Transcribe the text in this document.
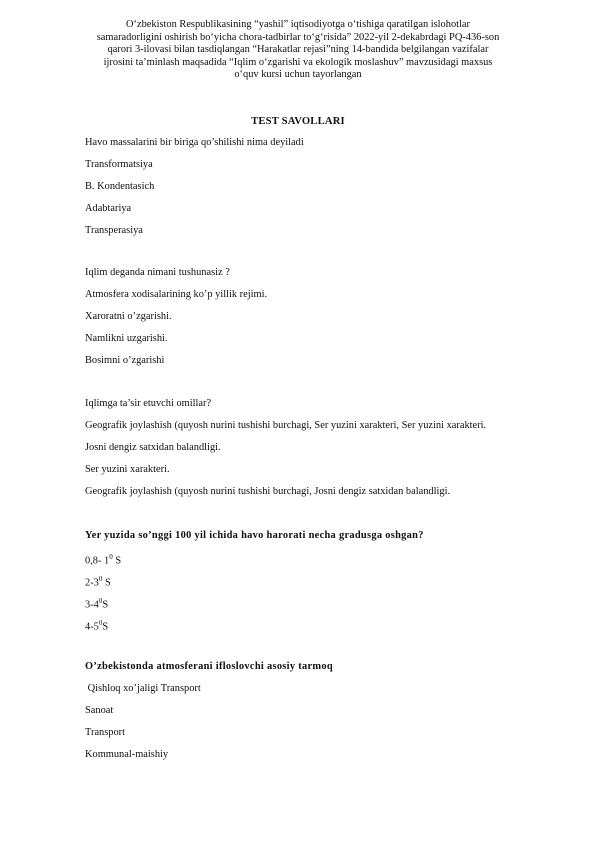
O‘zbekiston Respublikasining “yashil” iqtisodiyotga o‘tishiga qaratilgan islohotlar
samaradorligini oshirish bo‘yicha chora-tadbirlar to‘g‘risida” 2022-yil 2-dekabrdagi PQ-436-son
qarori 3-ilovasi bilan tasdiqlangan “Harakatlar rejasi”ning 14-bandida belgilangan vazifalar
ijrosini ta’minlash maqsadida “Iqlim o‘zgarishi va ekologik moslashuv” mavzusidagi maxsus
o‘quv kursi uchun tayorlangan
TEST SAVOLLARI
Havo massalarini bir biriga qo’shilishi nima deyiladi
Transformatsiya
B. Kondentasich
Adabtariya
Transperasiya
Iqlim deganda nimani tushunasiz ?
Atmosfera xodisalarining ko’p yillik rejimi.
Xaroratni o’zgarishi.
Namlikni uzgarishi.
Bosimni o’zgarishi
Iqlimga ta’sir etuvchi omillar?
Geografik joylashish (quyosh nurini tushishi burchagi, Ser yuzini xarakteri, Ser yuzini xarakteri.
Josni dengiz satxidan balandligi.
Ser yuzini xarakteri.
Geografik joylashish (quyosh nurini tushishi burchagi, Josni dengiz satxidan balandligi.
Yer yuzida so’nggi 100 yil ichida havo harorati necha gradusga oshgan?
0,8- $1^0$ S
$2-3^0$ S
$3-4^0S$
$4-5^0S$
O’zbekistonda atmosferani ifloslovchi asosiy tarmoq
Qishloq xo’jaligi Transport
Sanoat
Transport
Kommunal-maishiy
